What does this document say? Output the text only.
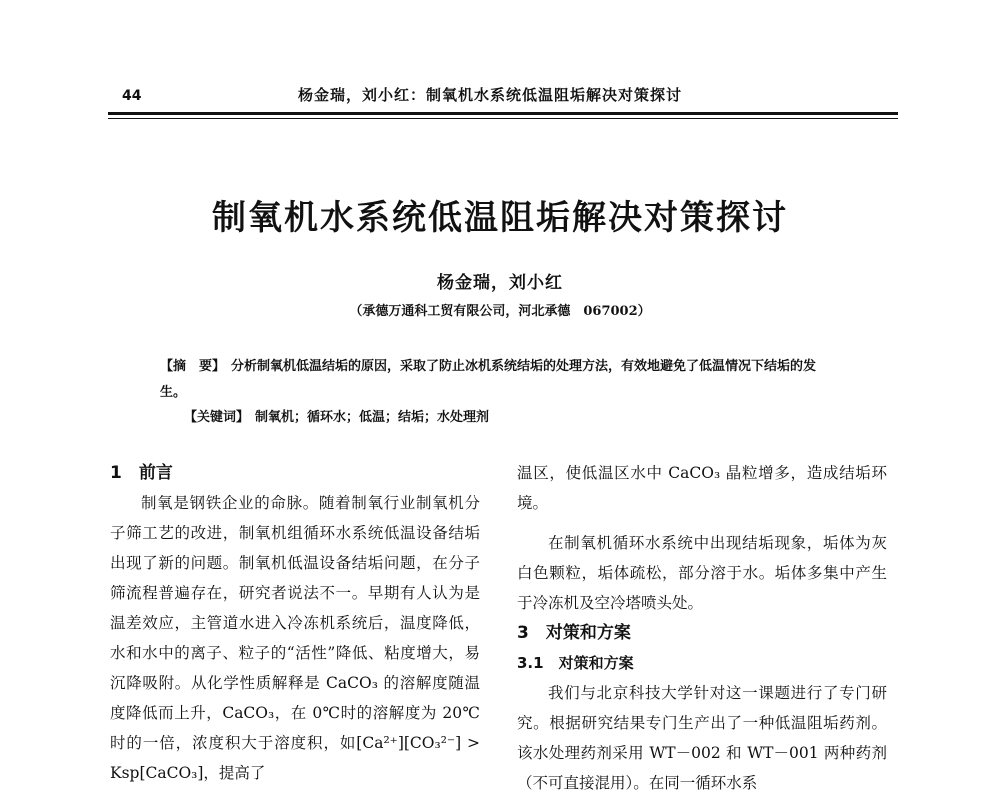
44	杨金瑞，刘小红：制氧机水系统低温阻垢解决对策探讨
制氧机水系统低温阻垢解决对策探讨
杨金瑞，刘小红
（承德万通科工贸有限公司，河北承德　067002）
【摘　要】 分析制氧机低温结垢的原因，采取了防止冰机系统结垢的处理方法，有效地避免了低温情况下结垢的发生。
【关键词】 制氧机；循环水；低温；结垢；水处理剂
1　前言

制氧是钢铁企业的命脉。随着制氧行业制氧机分子筛工艺的改进，制氧机组循环水系统低温设备结垢出现了新的问题。制氧机低温设备结垢问题，在分子筛流程普遍存在，研究者说法不一。早期有人认为是温差效应，主管道水进入冷冻机系统后，温度降低，水和水中的离子、粒子的“活性”降低、粘度增大，易沉降吸附。从化学性质解释是 CaCO₃ 的溶解度随温度降低而上升，CaCO₃，在 0℃时的溶解度为 20℃时的一倍，浓度积大于溶度积，如[Ca²⁺][CO₃²⁻] > Ksp[CaCO₃]，提高了

温区，使低温区水中 CaCO₃ 晶粒增多，造成结垢环境。

在制氧机循环水系统中出现结垢现象，垢体为灰白色颗粒，垢体疏松，部分溶于水。垢体多集中产生于冷冻机及空冷塔喷头处。

3　对策和方案
3.1　对策和方案

我们与北京科技大学针对这一课题进行了专门研究。根据研究结果专门生产出了一种低温阻垢药剂。该水处理药剂采用 WT－002 和 WT－001 两种药剂（不可直接混用）。在同一循环水系
